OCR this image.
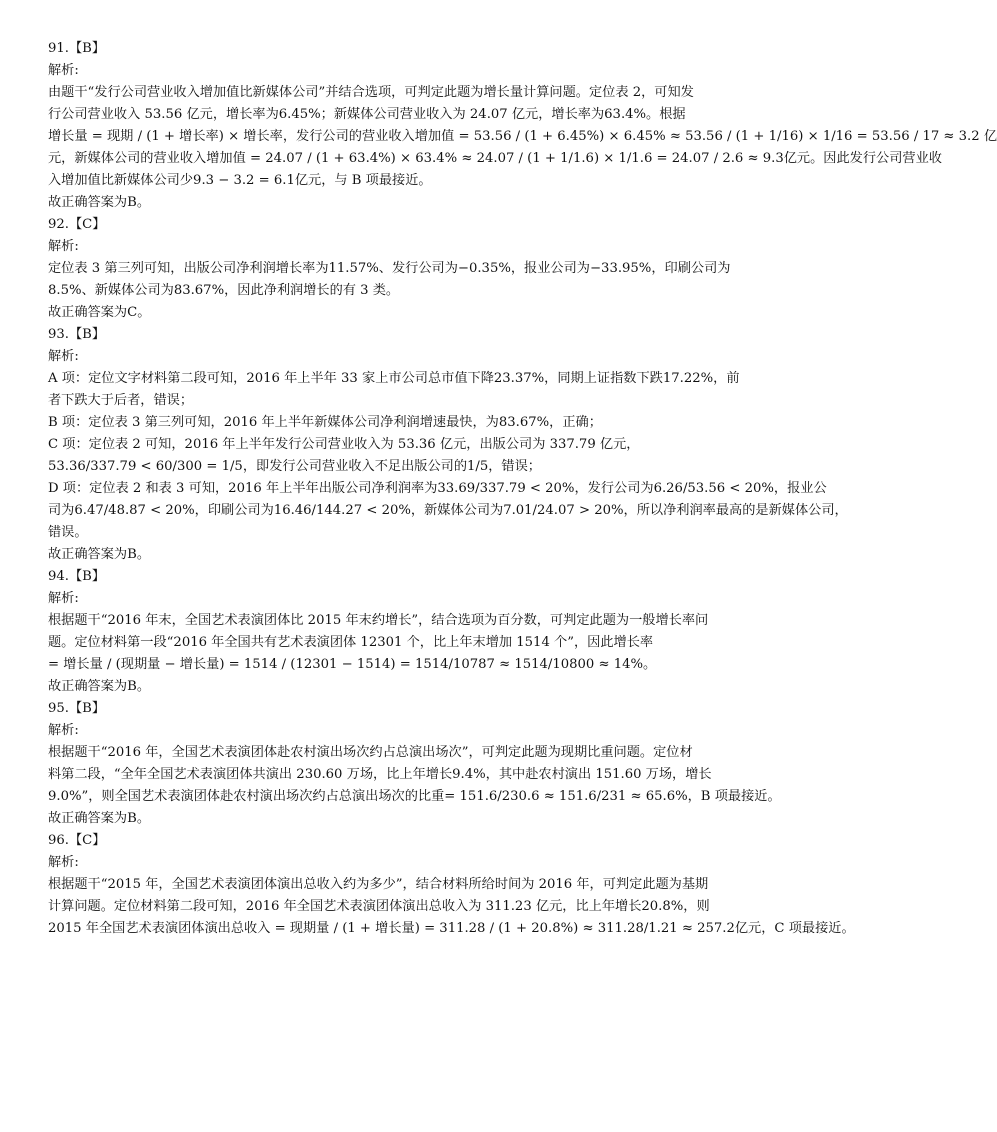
91.【B】
解析:
由题干“发行公司营业收入增加值比新媒体公司”并结合选项，可判定此题为增长量计算问题。定位表 2，可知发
行公司营业收入 53.56 亿元，增长率为6.45%；新媒体公司营业收入为 24.07 亿元，增长率为63.4%。根据
增长量 = 现期 / (1 + 增长率) × 增长率，发行公司的营业收入增加值 = 53.56 / (1 + 6.45%) × 6.45% ≈ 53.56 / (1 + 1/16) × 1/16 = 53.56 / 17 ≈ 3.2 亿
元，新媒体公司的营业收入增加值 = 24.07 / (1 + 63.4%) × 63.4% ≈ 24.07 / (1 + 1/1.6) × 1/1.6 = 24.07 / 2.6 ≈ 9.3亿元。因此发行公司营业收
入增加值比新媒体公司少9.3 − 3.2 = 6.1亿元，与 B 项最接近。
故正确答案为B。
92.【C】
解析:
定位表 3 第三列可知，出版公司净利润增长率为11.57%、发行公司为−0.35%，报业公司为−33.95%，印刷公司为
8.5%、新媒体公司为83.67%，因此净利润增长的有 3 类。
故正确答案为C。
93.【B】
解析:
A 项：定位文字材料第二段可知，2016 年上半年 33 家上市公司总市值下降23.37%，同期上证指数下跌17.22%，前
者下跌大于后者，错误；
B 项：定位表 3 第三列可知，2016 年上半年新媒体公司净利润增速最快，为83.67%，正确；
C 项：定位表 2 可知，2016 年上半年发行公司营业收入为 53.36 亿元，出版公司为 337.79 亿元，
53.36/337.79 < 60/300 = 1/5，即发行公司营业收入不足出版公司的1/5，错误；
D 项：定位表 2 和表 3 可知，2016 年上半年出版公司净利润率为33.69/337.79 < 20%，发行公司为6.26/53.56 < 20%，报业公
司为6.47/48.87 < 20%，印刷公司为16.46/144.27 < 20%，新媒体公司为7.01/24.07 > 20%，所以净利润率最高的是新媒体公司，
错误。
故正确答案为B。
94.【B】
解析:
根据题干“2016 年末，全国艺术表演团体比 2015 年末约增长”，结合选项为百分数，可判定此题为一般增长率问
题。定位材料第一段“2016 年全国共有艺术表演团体 12301 个，比上年末增加 1514 个”，因此增长率
= 增长量 / (现期量 − 增长量) = 1514 / (12301 − 1514) = 1514/10787 ≈ 1514/10800 ≈ 14%。
故正确答案为B。
95.【B】
解析:
根据题干“2016 年，全国艺术表演团体赴农村演出场次约占总演出场次”，可判定此题为现期比重问题。定位材
料第二段，“全年全国艺术表演团体共演出 230.60 万场，比上年增长9.4%，其中赴农村演出 151.60 万场，增长
9.0%”，则全国艺术表演团体赴农村演出场次约占总演出场次的比重= 151.6/230.6 ≈ 151.6/231 ≈ 65.6%，B 项最接近。
故正确答案为B。
96.【C】
解析:
根据题干“2015 年，全国艺术表演团体演出总收入约为多少”，结合材料所给时间为 2016 年，可判定此题为基期
计算问题。定位材料第二段可知，2016 年全国艺术表演团体演出总收入为 311.23 亿元，比上年增长20.8%，则
2015 年全国艺术表演团体演出总收入 = 现期量 / (1 + 增长量) = 311.28 / (1 + 20.8%) ≈ 311.28/1.21 ≈ 257.2亿元，C 项最接近。
